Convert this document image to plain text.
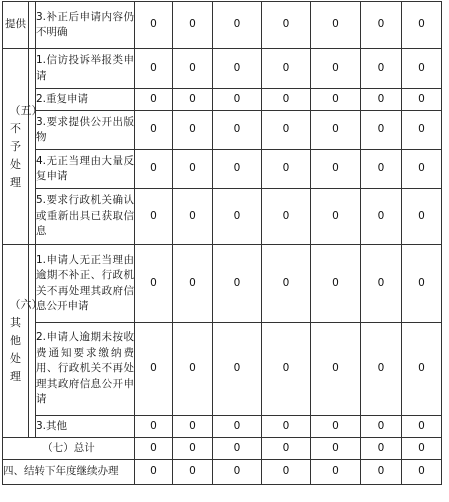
提供		3.补正后申请内容仍不明确	0	0	0	0	0	0	0
（五）不予处理		1.信访投诉举报类申请	0	0	0	0	0	0	0
		2.重复申请	0	0	0	0	0	0	0
		3.要求提供公开出版物	0	0	0	0	0	0	0
		4.无正当理由大量反复申请	0	0	0	0	0	0	0
		5.要求行政机关确认或重新出具已获取信息	0	0	0	0	0	0	0
（六）其他处理		1.申请人无正当理由逾期不补正、行政机关不再处理其政府信息公开申请	0	0	0	0	0	0	0
		2.申请人逾期未按收费通知要求缴纳费用、行政机关不再处理其政府信息公开申请	0	0	0	0	0	0	0
		3.其他	0	0	0	0	0	0	0
（七）总计			0	0	0	0	0	0	0
四、结转下年度继续办理			0	0	0	0	0	0	0
